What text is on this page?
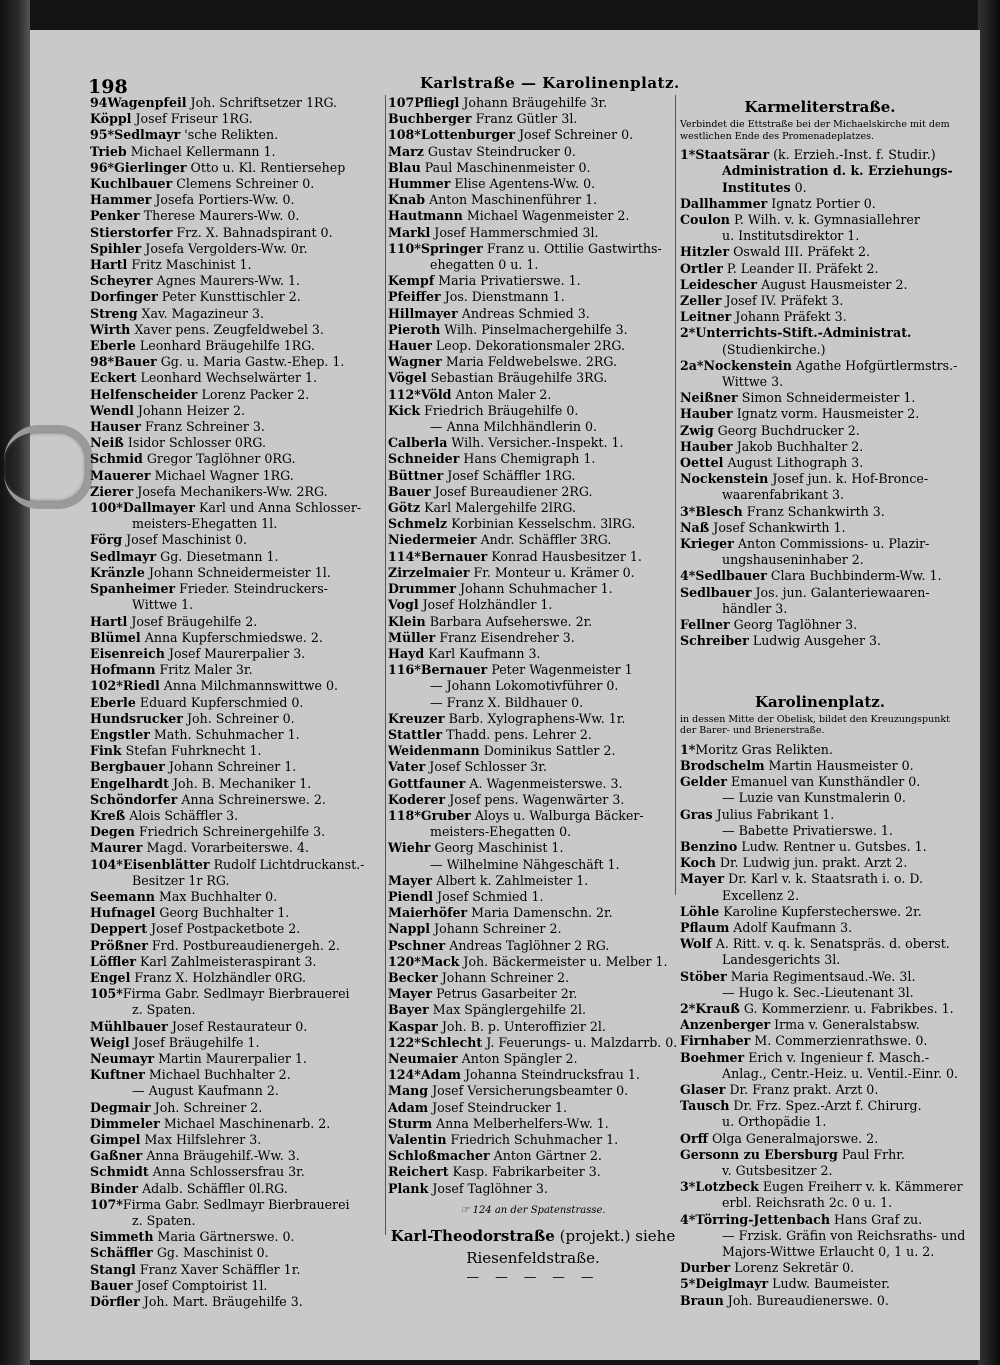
198	Karlstraße — Karolinenplatz.
94Wagenpfeil Joh. Schriftsetzer 1RG.
Köppl Josef Friseur 1RG.
95*Sedlmayr 'sche Relikten.
Trieb Michael Kellermann 1.
96*Gierlinger Otto u. Kl. Rentiersehep
Kuchlbauer Clemens Schreiner 0.
Hammer Josefa Portiers-Ww. 0.
Penker Therese Maurers-Ww. 0.
Stierstorfer Frz. X. Bahnadspirant 0.
Spihler Josefa Vergolders-Ww. 0r.
Hartl Fritz Maschinist 1.
Scheyrer Agnes Maurers-Ww. 1.
Dorfinger Peter Kunsttischler 2.
Streng Xav. Magazineur 3.
Wirth Xaver pens. Zeugfeldwebel 3.
Eberle Leonhard Bräugehilfe 1RG.
98*Bauer Gg. u. Maria Gastw.-Ehep. 1.
Eckert Leonhard Wechselwärter 1.
Helfenscheider Lorenz Packer 2.
Wendl Johann Heizer 2.
Hauser Franz Schreiner 3.
Neiß Isidor Schlosser 0RG.
Schmid Gregor Taglöhner 0RG.
Mauerer Michael Wagner 1RG.
Zierer Josefa Mechanikers-Ww. 2RG.
100*Dallmayer Karl und Anna Schlosser-
meisters-Ehegatten 1l.
Förg Josef Maschinist 0.
Sedlmayr Gg. Diesetmann 1.
Kränzle Johann Schneidermeister 1l.
Spanheimer Frieder. Steindruckers-
Wittwe 1.
Hartl Josef Bräugehilfe 2.
Blümel Anna Kupferschmiedswe. 2.
Eisenreich Josef Maurerpalier 3.
Hofmann Fritz Maler 3r.
102*Riedl Anna Milchmannswittwe 0.
Eberle Eduard Kupferschmied 0.
Hundsrucker Joh. Schreiner 0.
Engstler Math. Schuhmacher 1.
Fink Stefan Fuhrknecht 1.
Bergbauer Johann Schreiner 1.
Engelhardt Joh. B. Mechaniker 1.
Schöndorfer Anna Schreinerswe. 2.
Kreß Alois Schäffler 3.
Degen Friedrich Schreinergehilfe 3.
Maurer Magd. Vorarbeiterswe. 4.
104*Eisenblätter Rudolf Lichtdruckanst.-
Besitzer 1r RG.
Seemann Max Buchhalter 0.
Hufnagel Georg Buchhalter 1.
Deppert Josef Postpacketbote 2.
Prößner Frd. Postbureaudienergeh. 2.
Löffler Karl Zahlmeisteraspirant 3.
Engel Franz X. Holzhändler 0RG.
105*Firma Gabr. Sedlmayr Bierbrauerei
z. Spaten.
Mühlbauer Josef Restaurateur 0.
Weigl Josef Bräugehilfe 1.
Neumayr Martin Maurerpalier 1.
Kuftner Michael Buchhalter 2.
— August Kaufmann 2.
Degmair Joh. Schreiner 2.
Dimmeler Michael Maschinenarb. 2.
Gimpel Max Hilfslehrer 3.
Gaßner Anna Bräugehilf.-Ww. 3.
Schmidt Anna Schlossersfrau 3r.
Binder Adalb. Schäffler 0l.RG.
107*Firma Gabr. Sedlmayr Bierbrauerei
z. Spaten.
Simmeth Maria Gärtnerswe. 0.
Schäffler Gg. Maschinist 0.
Stangl Franz Xaver Schäffler 1r.
Bauer Josef Comptoirist 1l.
Dörfler Joh. Mart. Bräugehilfe 3.
107Pfliegl Johann Bräugehilfe 3r.
Buchberger Franz Gütler 3l.
108*Lottenburger Josef Schreiner 0.
Marz Gustav Steindrucker 0.
Blau Paul Maschinenmeister 0.
Hummer Elise Agentens-Ww. 0.
Knab Anton Maschinenführer 1.
Hautmann Michael Wagenmeister 2.
Markl Josef Hammerschmied 3l.
110*Springer Franz u. Ottilie Gastwirths-
ehegatten 0 u. 1.
Kempf Maria Privatierswe. 1.
Pfeiffer Jos. Dienstmann 1.
Hillmayer Andreas Schmied 3.
Pieroth Wilh. Pinselmachergehilfe 3.
Hauer Leop. Dekorationsmaler 2RG.
Wagner Maria Feldwebelswe. 2RG.
Vögel Sebastian Bräugehilfe 3RG.
112*Völd Anton Maler 2.
Kick Friedrich Bräugehilfe 0.
— Anna Milchhändlerin 0.
Calberla Wilh. Versicher.-Inspekt. 1.
Schneider Hans Chemigraph 1.
Büttner Josef Schäffler 1RG.
Bauer Josef Bureaudiener 2RG.
Götz Karl Malergehilfe 2lRG.
Schmelz Korbinian Kesselschm. 3lRG.
Niedermeier Andr. Schäffler 3RG.
114*Bernauer Konrad Hausbesitzer 1.
Zirzelmaier Fr. Monteur u. Krämer 0.
Drummer Johann Schuhmacher 1.
Vogl Josef Holzhändler 1.
Klein Barbara Aufseherswe. 2r.
Müller Franz Eisendreher 3.
Hayd Karl Kaufmann 3.
116*Bernauer Peter Wagenmeister 1
— Johann Lokomotivführer 0.
— Franz X. Bildhauer 0.
Kreuzer Barb. Xylographens-Ww. 1r.
Stattler Thadd. pens. Lehrer 2.
Weidenmann Dominikus Sattler 2.
Vater Josef Schlosser 3r.
Gottfauner A. Wagenmeisterswe. 3.
Koderer Josef pens. Wagenwärter 3.
118*Gruber Aloys u. Walburga Bäcker-
meisters-Ehegatten 0.
Wiehr Georg Maschinist 1.
— Wilhelmine Nähgeschäft 1.
Mayer Albert k. Zahlmeister 1.
Piendl Josef Schmied 1.
Maierhöfer Maria Damenschn. 2r.
Nappl Johann Schreiner 2.
Pschner Andreas Taglöhner 2 RG.
120*Mack Joh. Bäckermeister u. Melber 1.
Becker Johann Schreiner 2.
Mayer Petrus Gasarbeiter 2r.
Bayer Max Spänglergehilfe 2l.
Kaspar Joh. B. p. Unteroffizier 2l.
122*Schlecht J. Feuerungs- u. Malzdarrb. 0.
Neumaier Anton Spängler 2.
124*Adam Johanna Steindrucksfrau 1.
Mang Josef Versicherungsbeamter 0.
Adam Josef Steindrucker 1.
Sturm Anna Melberhelfers-Ww. 1.
Valentin Friedrich Schuhmacher 1.
Schloßmacher Anton Gärtner 2.
Reichert Kasp. Fabrikarbeiter 3.
Plank Josef Taglöhner 3.
☞ 124 an der Spatenstrasse.
Karl-Theodorstraße (projekt.) siehe
Riesenfeldstraße.
— — — — —
Karmeliterstraße.
Verbindet die Ettstraße bei der Michaelskirche mit dem westlichen Ende des Promenadeplatzes.
1*Staatsärar (k. Erzieh.-Inst. f. Studir.)
Administration d. k. Erziehungs-
Institutes 0.
Dallhammer Ignatz Portier 0.
Coulon P. Wilh. v. k. Gymnasiallehrer
u. Institutsdirektor 1.
Hitzler Oswald III. Präfekt 2.
Ortler P. Leander II. Präfekt 2.
Leidescher August Hausmeister 2.
Zeller Josef IV. Präfekt 3.
Leitner Johann Präfekt 3.
2*Unterrichts-Stift.-Administrat.
(Studienkirche.)
2a*Nockenstein Agathe Hofgürtlermstrs.-
Wittwe 3.
Neißner Simon Schneidermeister 1.
Hauber Ignatz vorm. Hausmeister 2.
Zwig Georg Buchdrucker 2.
Hauber Jakob Buchhalter 2.
Oettel August Lithograph 3.
Nockenstein Josef jun. k. Hof-Bronce-
waarenfabrikant 3.
3*Blesch Franz Schankwirth 3.
Naß Josef Schankwirth 1.
Krieger Anton Commissions- u. Plazir-
ungshauseninhaber 2.
4*Sedlbauer Clara Buchbinderm-Ww. 1.
Sedlbauer Jos. jun. Galanteriewaaren-
händler 3.
Fellner Georg Taglöhner 3.
Schreiber Ludwig Ausgeher 3.
Karolinenplatz.
in dessen Mitte der Obelisk, bildet den Kreuzungspunkt der Barer- und Brienerstraße.
1*Moritz Gras Relikten.
Brodschelm Martin Hausmeister 0.
Gelder Emanuel van Kunsthändler 0.
— Luzie van Kunstmalerin 0.
Gras Julius Fabrikant 1.
— Babette Privatierswe. 1.
Benzino Ludw. Rentner u. Gutsbes. 1.
Koch Dr. Ludwig jun. prakt. Arzt 2.
Mayer Dr. Karl v. k. Staatsrath i. o. D.
Excellenz 2.
Löhle Karoline Kupferstecherswe. 2r.
Pflaum Adolf Kaufmann 3.
Wolf A. Ritt. v. q. k. Senatspräs. d. oberst.
Landesgerichts 3l.
Stöber Maria Regimentsaud.-We. 3l.
— Hugo k. Sec.-Lieutenant 3l.
2*Krauß G. Kommerzienr. u. Fabrikbes. 1.
Anzenberger Irma v. Generalstabsw.
Firnhaber M. Commerzienrathswe. 0.
Boehmer Erich v. Ingenieur f. Masch.-
Anlag., Centr.-Heiz. u. Ventil.-Einr. 0.
Glaser Dr. Franz prakt. Arzt 0.
Tausch Dr. Frz. Spez.-Arzt f. Chirurg.
u. Orthopädie 1.
Orff Olga Generalmajorswe. 2.
Gersonn zu Ebersburg Paul Frhr.
v. Gutsbesitzer 2.
3*Lotzbeck Eugen Freiherr v. k. Kämmerer
erbl. Reichsrath 2c. 0 u. 1.
4*Törring-Jettenbach Hans Graf zu.
— Frzisk. Gräfin von Reichsraths- und
Majors-Wittwe Erlaucht 0, 1 u. 2.
Durber Lorenz Sekretär 0.
5*Deiglmayr Ludw. Baumeister.
Braun Joh. Bureaudienerswe. 0.
